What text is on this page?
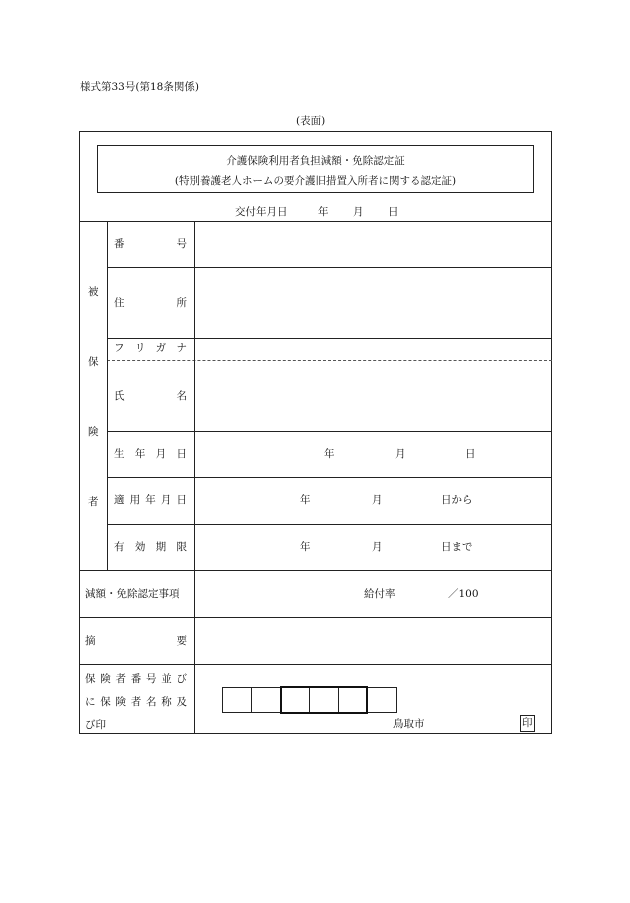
様式第33号(第18条関係)
(表面)
介護保険利用者負担減額・免除認定証
(特別養護老人ホームの要介護旧措置入所者に関する認定証)
交付年月日	年 月 日
被
保
険
者
番	号
住	所
フ リ ガ ナ
氏	名
生 年 月 日	年	月	日
適 用 年 月 日	年	月	日から
有 効 期 限	年	月	日まで
減額・免除認定事項	給付率	／100
摘	要
保 険 者 番 号 並 び
に 保 険 者 名 称 及
び印	鳥取市	印
